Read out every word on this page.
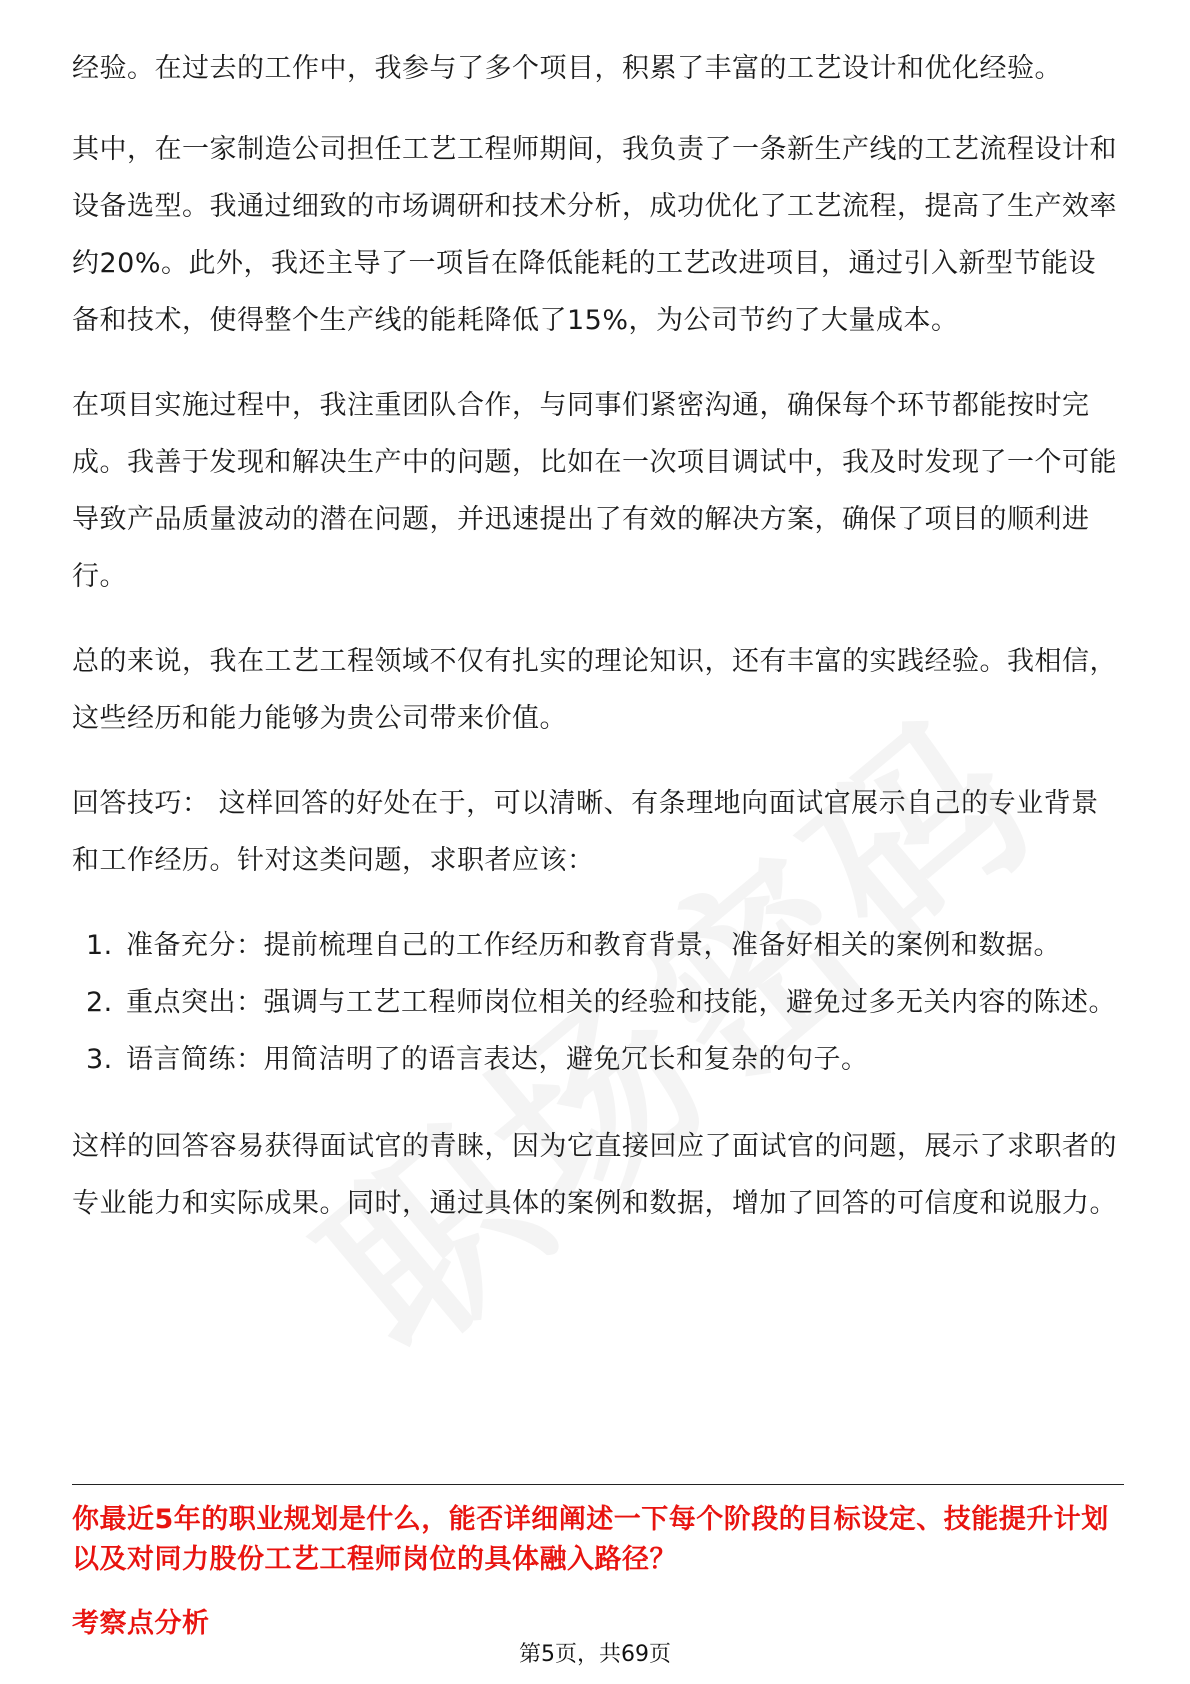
经验。在过去的工作中，我参与了多个项目，积累了丰富的工艺设计和优化经验。

其中，在一家制造公司担任工艺工程师期间，我负责了一条新生产线的工艺流程设计和设备选型。我通过细致的市场调研和技术分析，成功优化了工艺流程，提高了生产效率约20%。此外，我还主导了一项旨在降低能耗的工艺改进项目，通过引入新型节能设备和技术，使得整个生产线的能耗降低了15%，为公司节约了大量成本。

在项目实施过程中，我注重团队合作，与同事们紧密沟通，确保每个环节都能按时完成。我善于发现和解决生产中的问题，比如在一次项目调试中，我及时发现了一个可能导致产品质量波动的潜在问题，并迅速提出了有效的解决方案，确保了项目的顺利进行。

总的来说，我在工艺工程领域不仅有扎实的理论知识，还有丰富的实践经验。我相信，这些经历和能力能够为贵公司带来价值。

回答技巧： 这样回答的好处在于，可以清晰、有条理地向面试官展示自己的专业背景和工作经历。针对这类问题，求职者应该：

1. 准备充分：提前梳理自己的工作经历和教育背景，准备好相关的案例和数据。
2. 重点突出：强调与工艺工程师岗位相关的经验和技能，避免过多无关内容的陈述。
3. 语言简练：用简洁明了的语言表达，避免冗长和复杂的句子。

这样的回答容易获得面试官的青睐，因为它直接回应了面试官的问题，展示了求职者的专业能力和实际成果。同时，通过具体的案例和数据，增加了回答的可信度和说服力。

你最近5年的职业规划是什么，能否详细阐述一下每个阶段的目标设定、技能提升计划以及对同力股份工艺工程师岗位的具体融入路径？
考察点分析
第5页，共69页
